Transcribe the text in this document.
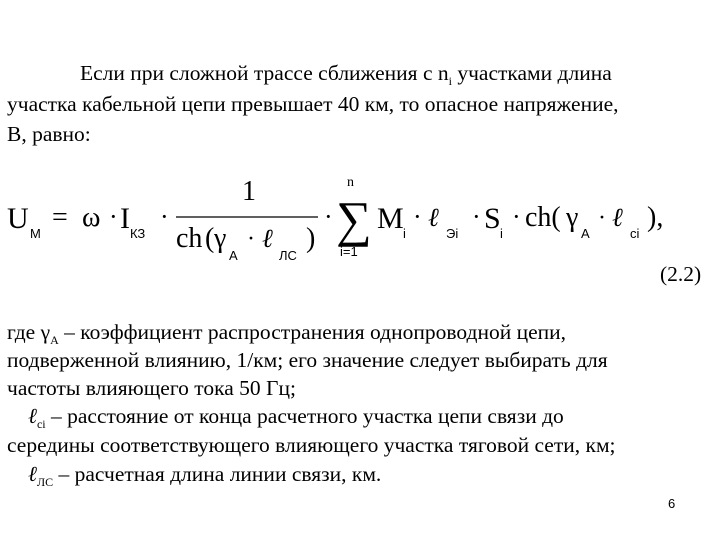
Если при сложной трассе сближения с $n_i$ участками длина
участка кабельной цепи превышает 40 км, то опасное напряжение,
В, равно:
U М
= ω · I КЗ
·
1
ch ( γ
А
· ℓ
ЛС
)
·
n
∑
i=1
M i
· ℓ
Эi
· S i
· ch( γ
А
· ℓ
ci
),
(2.2)
где $\gamma_А$ – коэффициент распространения однопроводной цепи,
подверженной влиянию, 1/км; его значение следует выбирать для
частоты влияющего тока 50 Гц;
ℓ$_{ci}$ – расстояние от конца расчетного участка цепи связи до
середины соответствующего влияющего участка тяговой сети, км;
ℓ$_{ЛС}$ – расчетная длина линии связи, км.
6
